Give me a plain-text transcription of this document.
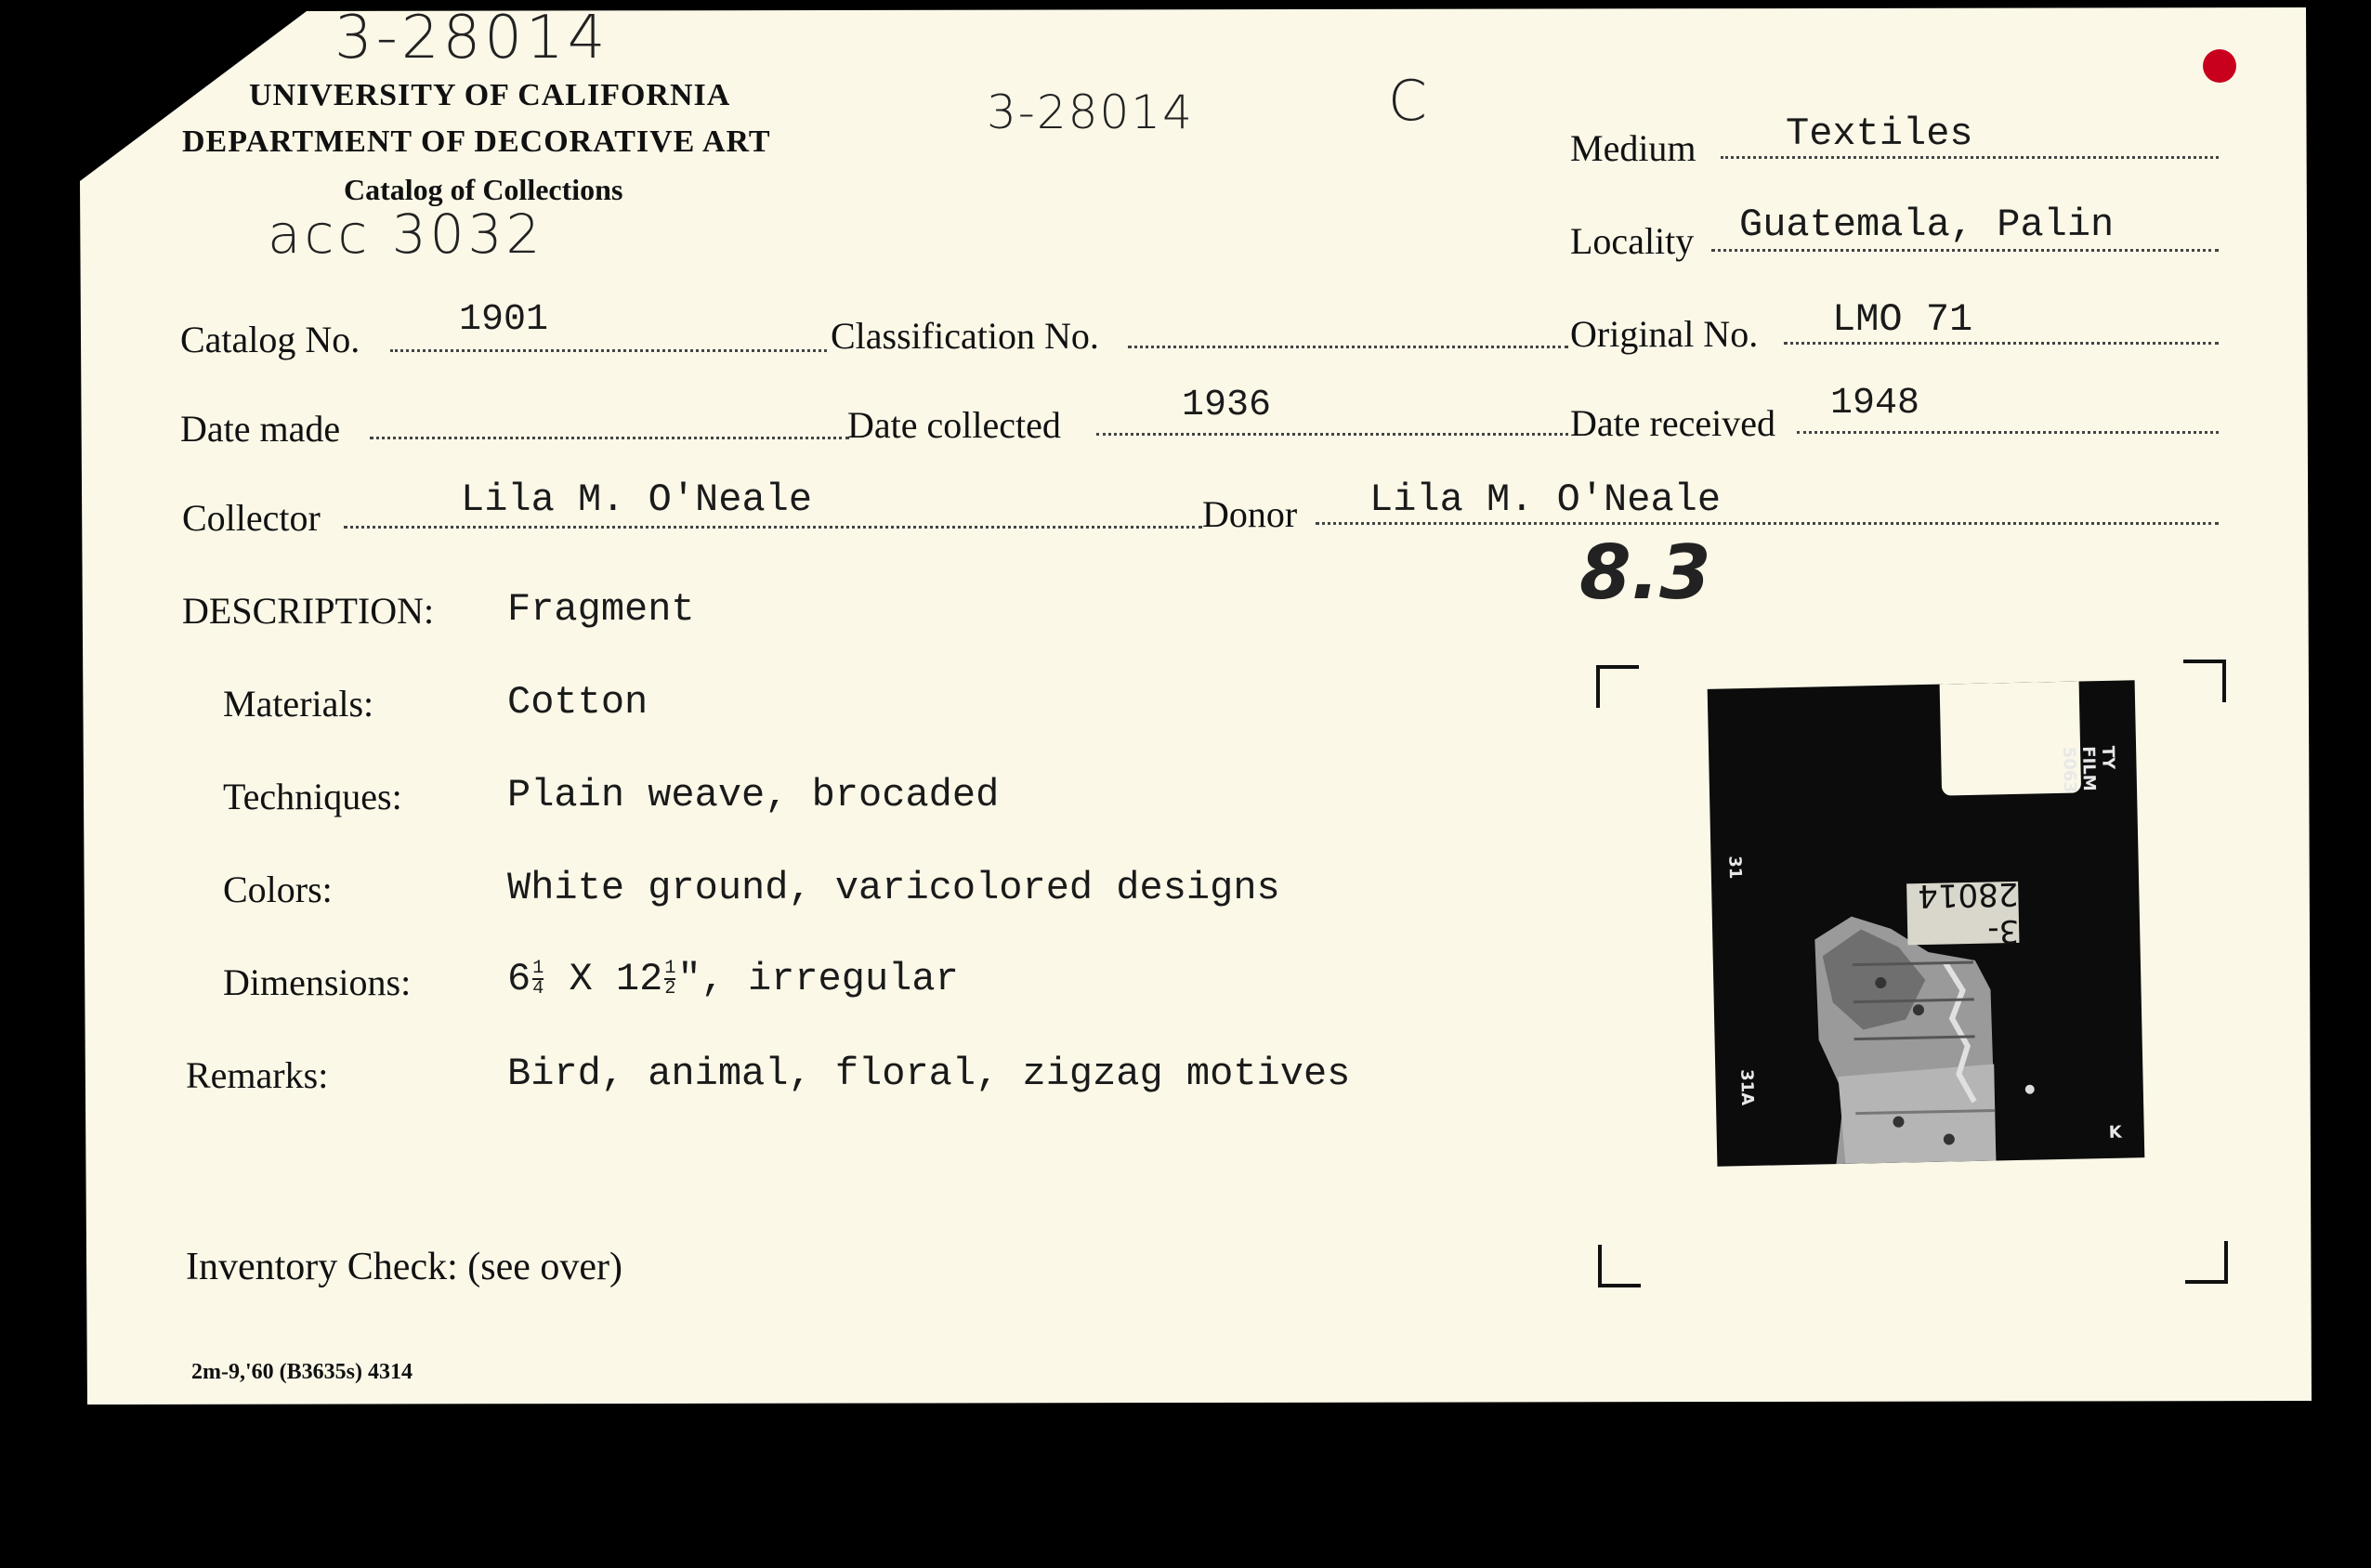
UNIVERSITY OF CALIFORNIA
DEPARTMENT OF DECORATIVE ART
Catalog of Collections
3-28014
acc 3032
3-28014	C
8.3
Medium Textiles
Locality Guatemala, Palin
Catalog No.	1901	Classification No.	Original No. LMO 71
Date made	Date collected	1936	Date received 1948
Collector	Lila M. O'Neale	Donor Lila M. O'Neale
DESCRIPTION: Fragment
Materials:	Cotton
Techniques:	Plain weave, brocaded
Colors:	White ground, varicolored designs
Dimensions: $6 \frac{1}{4}$ X $12 \frac{1}{2}$ ", irregular
Remarks:	Bird, animal, floral, zigzag motives
Inventory Check: (see over)
2m-9,'60 (B3635s) 4314
3-28014
TY FILM 5063
31
31A
K
